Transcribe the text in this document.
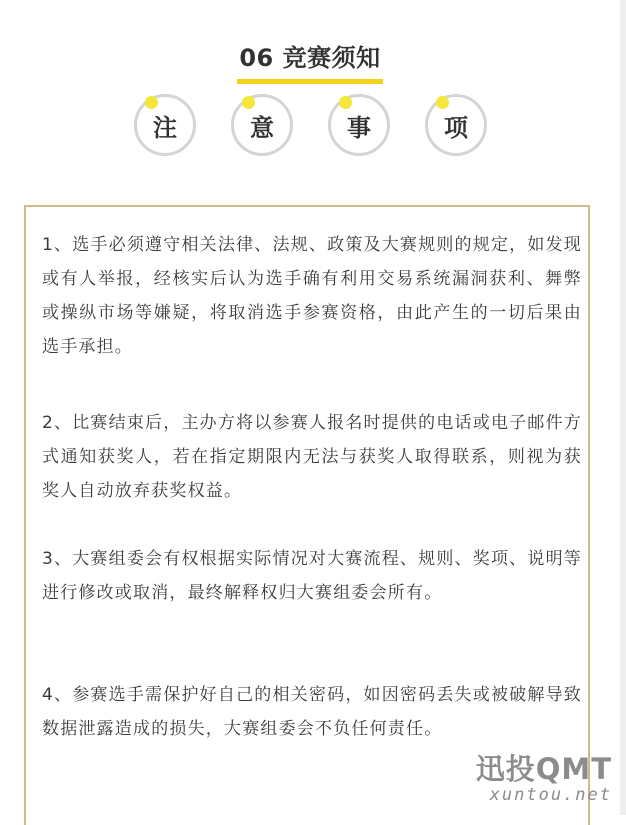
06 竞赛须知
注	意	事	项
1、选手必须遵守相关法律、法规、政策及大赛规则的规定，如发现或有人举报，经核实后认为选手确有利用交易系统漏洞获利、舞弊或操纵市场等嫌疑，将取消选手参赛资格，由此产生的一切后果由选手承担。
2、比赛结束后，主办方将以参赛人报名时提供的电话或电子邮件方式通知获奖人，若在指定期限内无法与获奖人取得联系，则视为获奖人自动放弃获奖权益。
3、大赛组委会有权根据实际情况对大赛流程、规则、奖项、说明等进行修改或取消，最终解释权归大赛组委会所有。
4、参赛选手需保护好自己的相关密码，如因密码丢失或被破解导致数据泄露造成的损失，大赛组委会不负任何责任。
迅投QMT
xuntou.net
